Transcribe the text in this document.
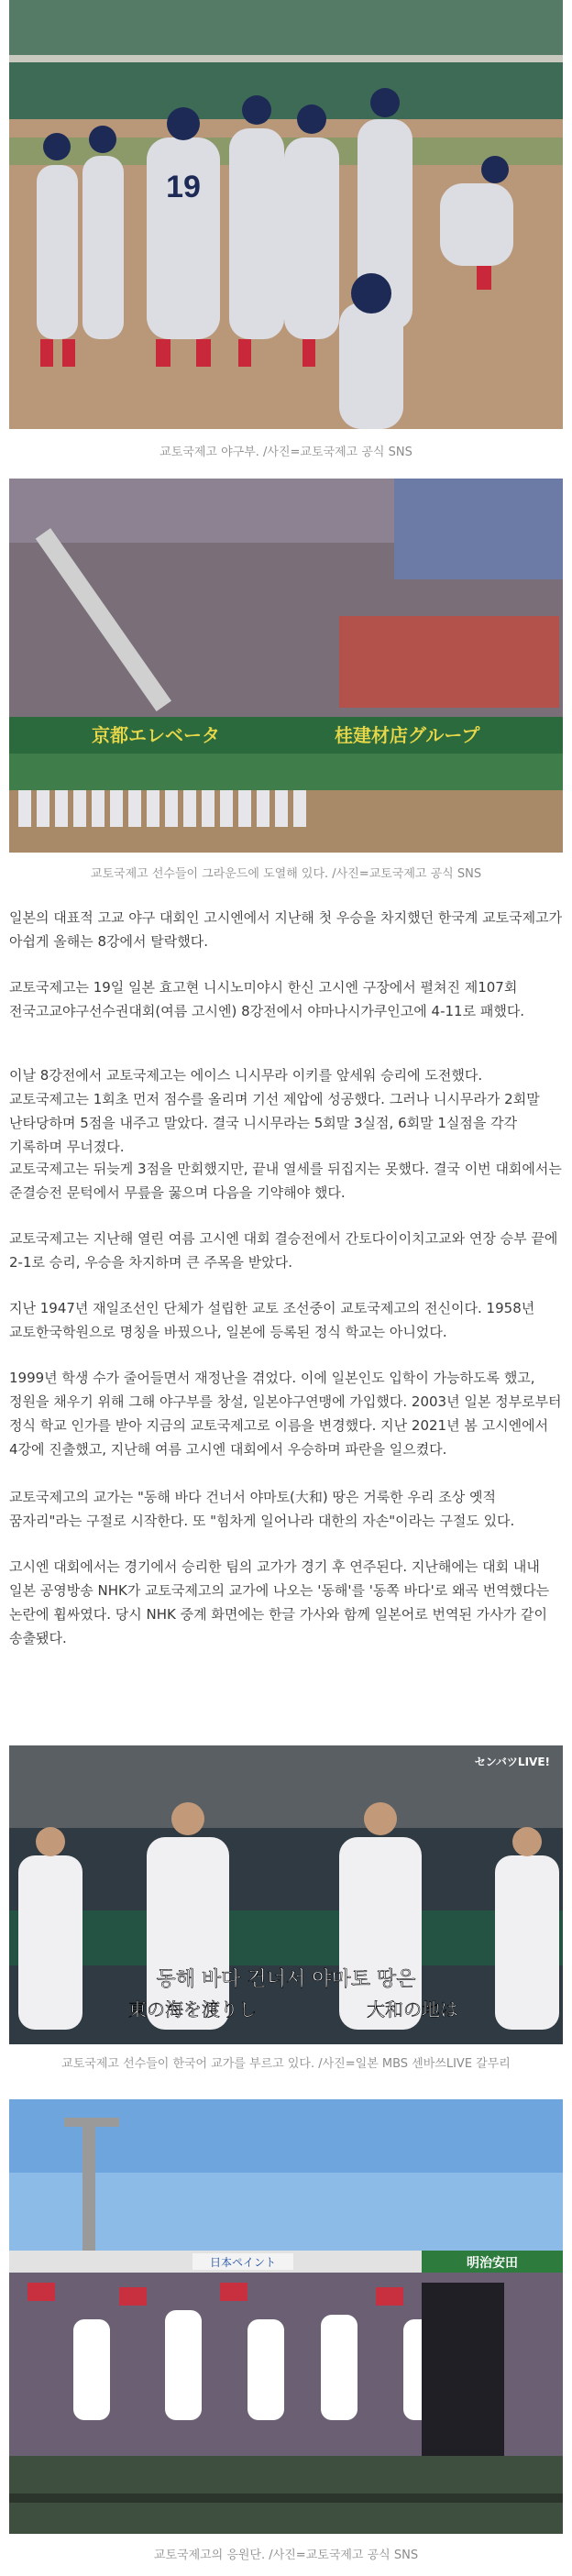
19
교토국제고 야구부. /사진=교토국제고 공식 SNS
京都エレベータ	桂建材店グループ
교토국제고 선수들이 그라운드에 도열해 있다. /사진=교토국제고 공식 SNS

일본의 대표적 고교 야구 대회인 고시엔에서 지난해 첫 우승을 차지했던 한국계 교토국제고가 아쉽게 올해는 8강에서 탈락했다.

교토국제고는 19일 일본 효고현 니시노미야시 한신 고시엔 구장에서 펼쳐진 제107회 전국고교야구선수권대회(여름 고시엔) 8강전에서 야마나시가쿠인고에 4-11로 패했다.

이날 8강전에서 교토국제고는 에이스 니시무라 이키를 앞세워 승리에 도전했다. 교토국제고는 1회초 먼저 점수를 올리며 기선 제압에 성공했다. 그러나 니시무라가 2회말 난타당하며 5점을 내주고 말았다. 결국 니시무라는 5회말 3실점, 6회말 1실점을 각각 기록하며 무너졌다.

교토국제고는 뒤늦게 3점을 만회했지만, 끝내 열세를 뒤집지는 못했다. 결국 이번 대회에서는 준결승전 문턱에서 무릎을 꿇으며 다음을 기약해야 했다.

교토국제고는 지난해 열린 여름 고시엔 대회 결승전에서 간토다이이치고교와 연장 승부 끝에 2-1로 승리, 우승을 차지하며 큰 주목을 받았다.

지난 1947년 재일조선인 단체가 설립한 교토 조선중이 교토국제고의 전신이다. 1958년 교토한국학원으로 명칭을 바꿨으나, 일본에 등록된 정식 학교는 아니었다.

1999년 학생 수가 줄어들면서 재정난을 겪었다. 이에 일본인도 입학이 가능하도록 했고, 정원을 채우기 위해 그해 야구부를 창설, 일본야구연맹에 가입했다. 2003년 일본 정부로부터 정식 학교 인가를 받아 지금의 교토국제고로 이름을 변경했다. 지난 2021년 봄 고시엔에서 4강에 진출했고, 지난해 여름 고시엔 대회에서 우승하며 파란을 일으켰다.

교토국제고의 교가는 "동해 바다 건너서 야마토(大和) 땅은 거룩한 우리 조상 옛적 꿈자리"라는 구절로 시작한다. 또 "힘차게 일어나라 대한의 자손"이라는 구절도 있다.

고시엔 대회에서는 경기에서 승리한 팀의 교가가 경기 후 연주된다. 지난해에는 대회 내내 일본 공영방송 NHK가 교토국제고의 교가에 나오는 '동해'를 '동쪽 바다'로 왜곡 번역했다는 논란에 휩싸였다. 당시 NHK 중계 화면에는 한글 가사와 함께 일본어로 번역된 가사가 같이 송출됐다.

センバツLIVE!
동해 바다 건너서 야마토 땅은
東の海を渡りし	大和の地は
교토국제고 선수들이 한국어 교가를 부르고 있다. /사진=일본 MBS 센바쓰LIVE 갈무리
日本ペイント	明治安田
교토국제고의 응원단. /사진=교토국제고 공식 SNS
